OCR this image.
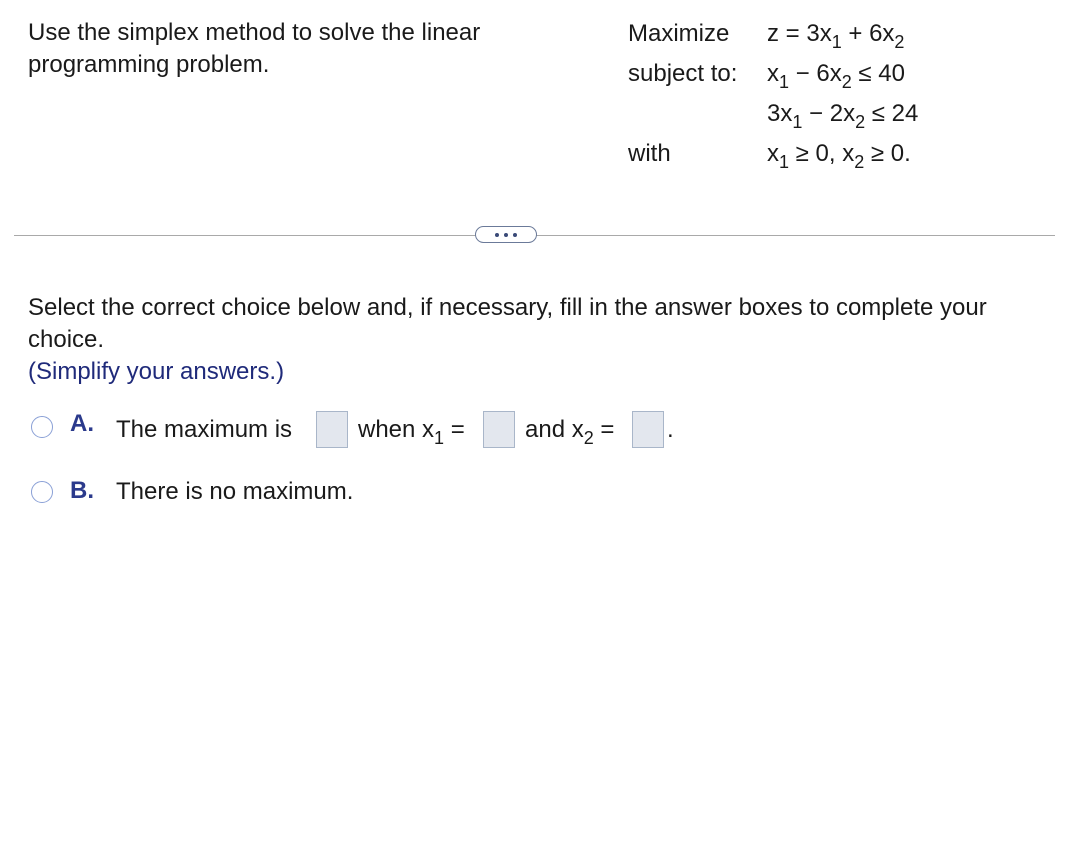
Use the simplex method to solve the linear programming problem.
Maximize $z = 3x_1 + 6x_2$
subject to: $x_1 - 6x_2 \le 40$
$3x_1 - 2x_2 \le 24$
with	$x_1 \ge 0$, $x_2 \ge 0$.
Select the correct choice below and, if necessary, fill in the answer boxes to complete your choice.
(Simplify your answers.)
A. The maximum is	when $x_1$ =	and $x_2$ = .
B. There is no maximum.
